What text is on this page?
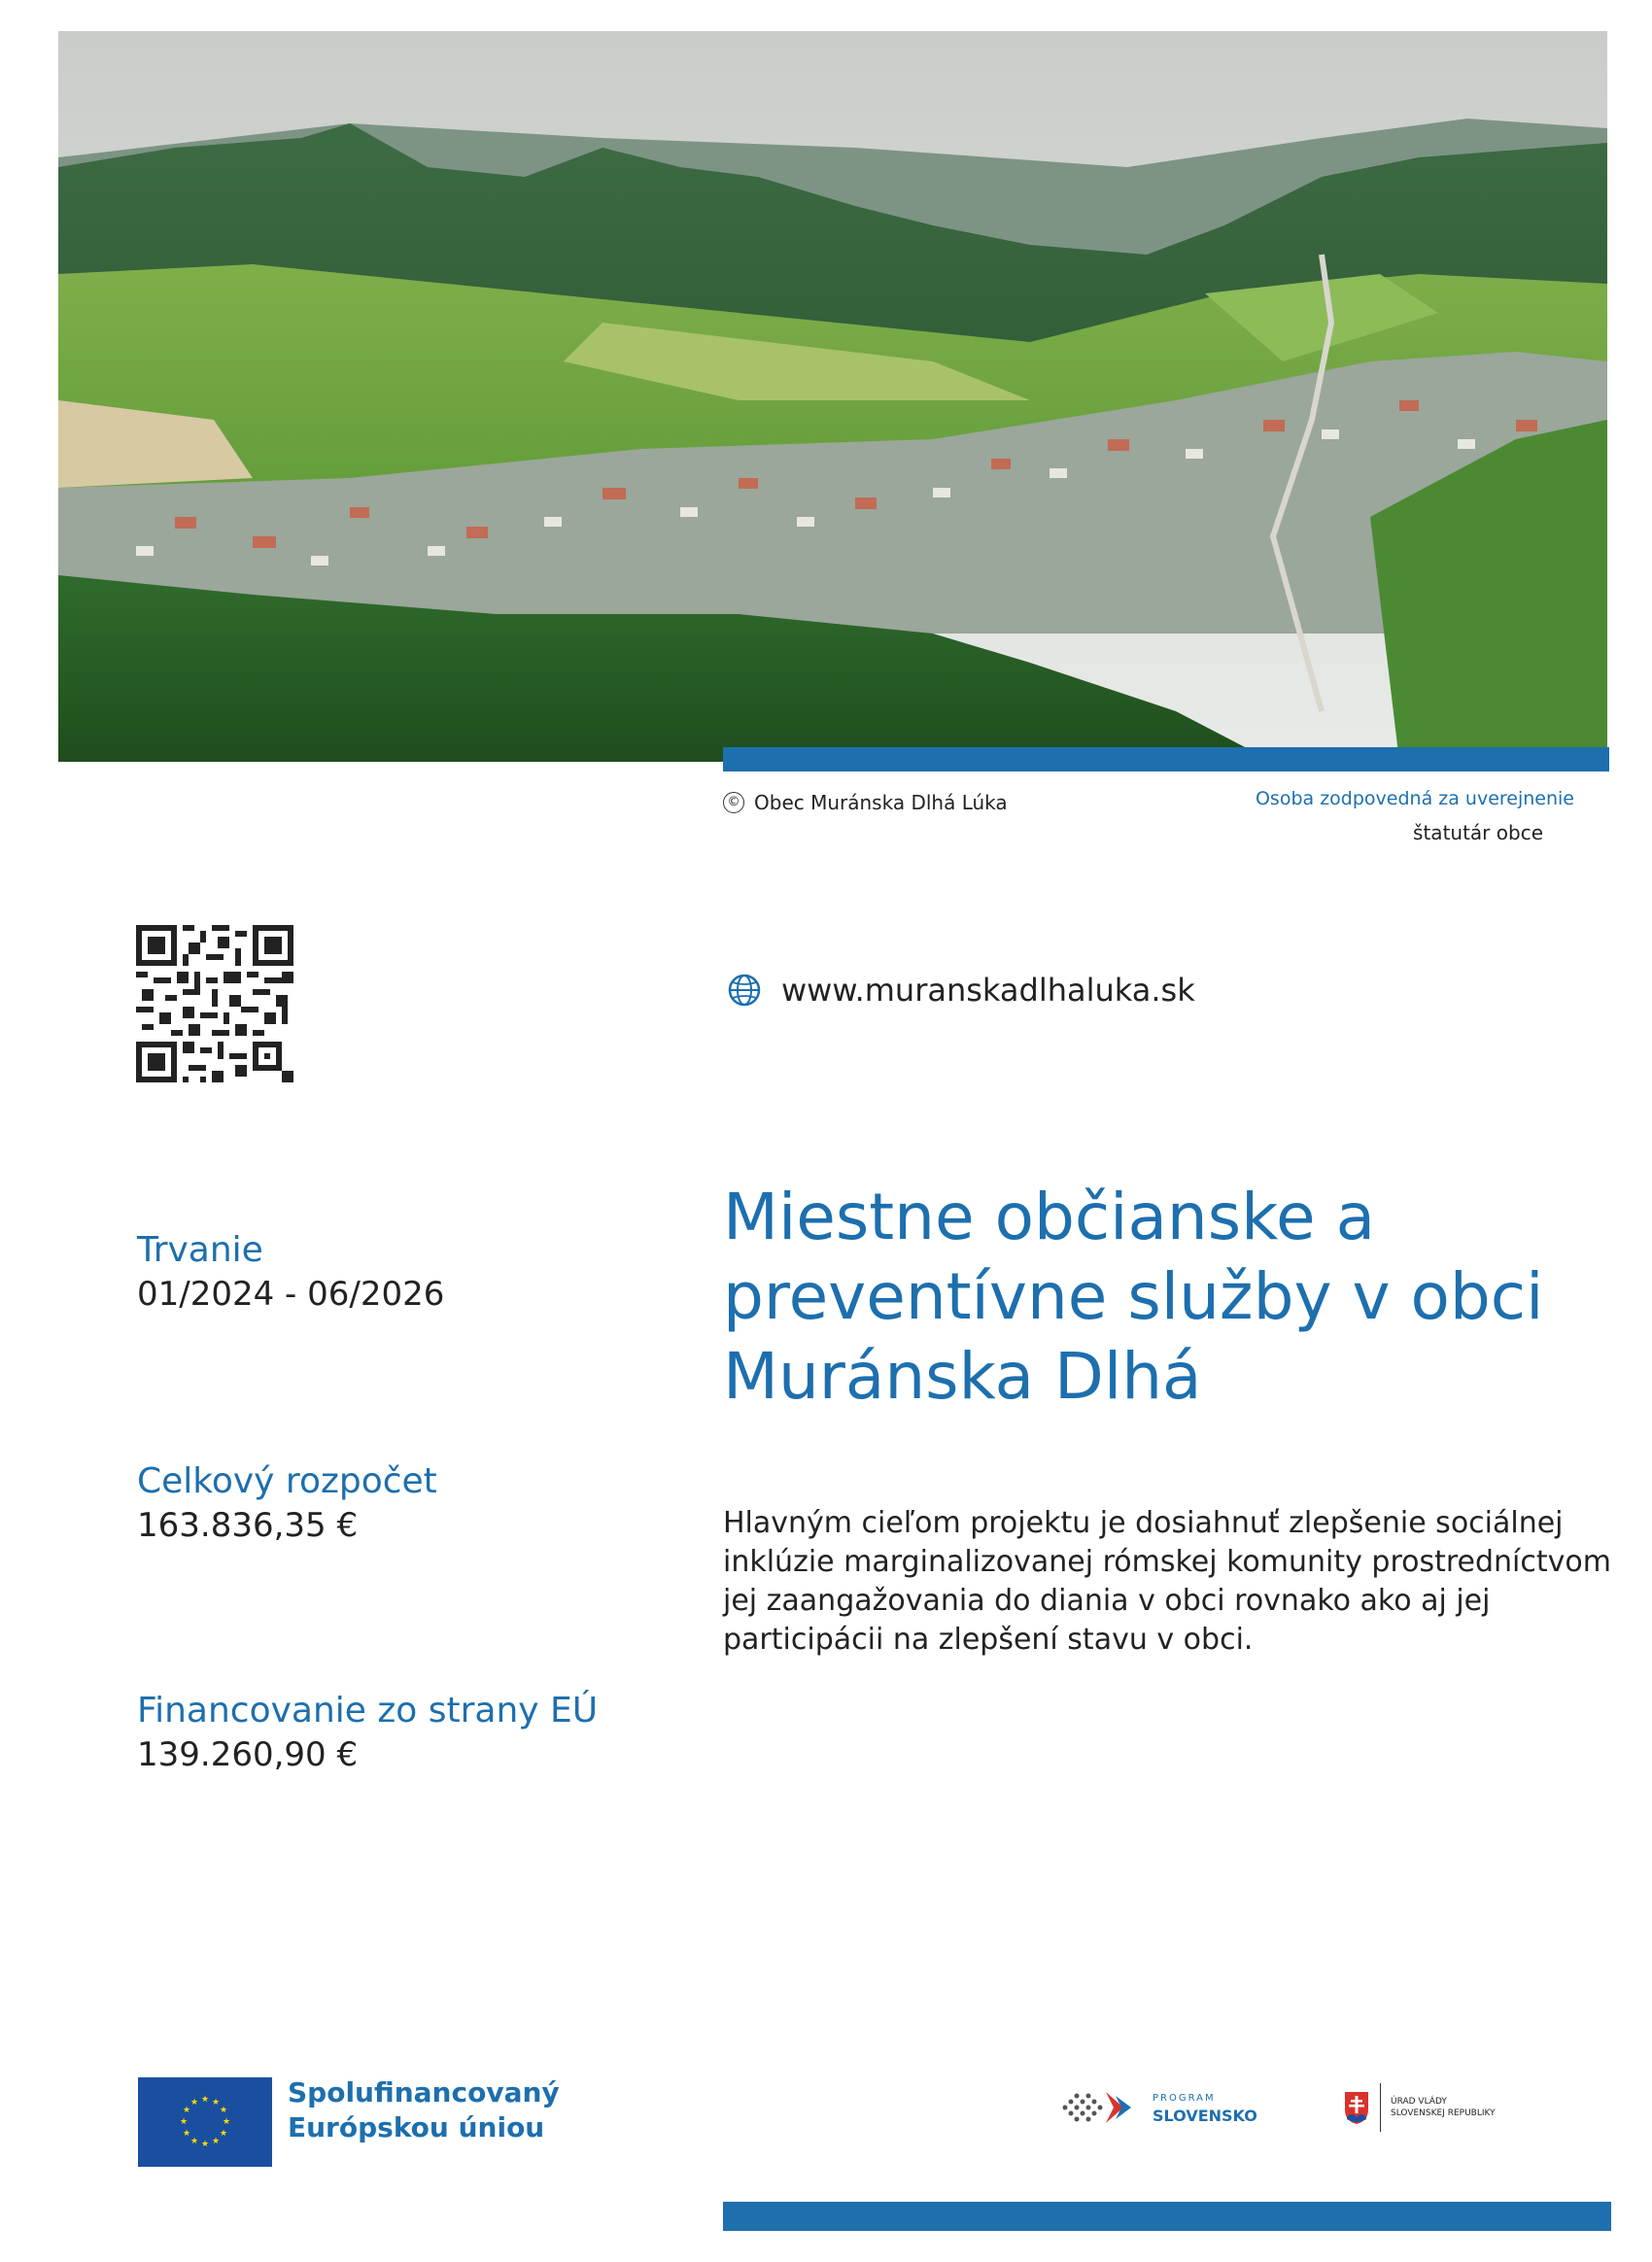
© Obec Muránska Dlhá Lúka	Osoba zodpovedná za uverejnenie
štatutár obce
www.muranskadlhaluka.sk
Miestne občianske a preventívne služby v obci Muránska Dlhá

Hlavným cieľom projektu je dosiahnuť zlepšenie sociálnej inklúzie marginalizovanej rómskej komunity prostredníctvom jej zaangažovania do diania v obci rovnako ako aj jej participácii na zlepšení stavu v obci.

Trvanie
01/2024 - 06/2026
Celkový rozpočet
163.836,35 €
Financovanie zo strany EÚ
139.260,90 €
★ ★
★
★
★
★
★
★
★
★
★
★	Spolufinancovaný Európskou úniou

PROGRAM
SLOVENSKO
ÚRAD VLÁDY
SLOVENSKEJ REPUBLIKY
